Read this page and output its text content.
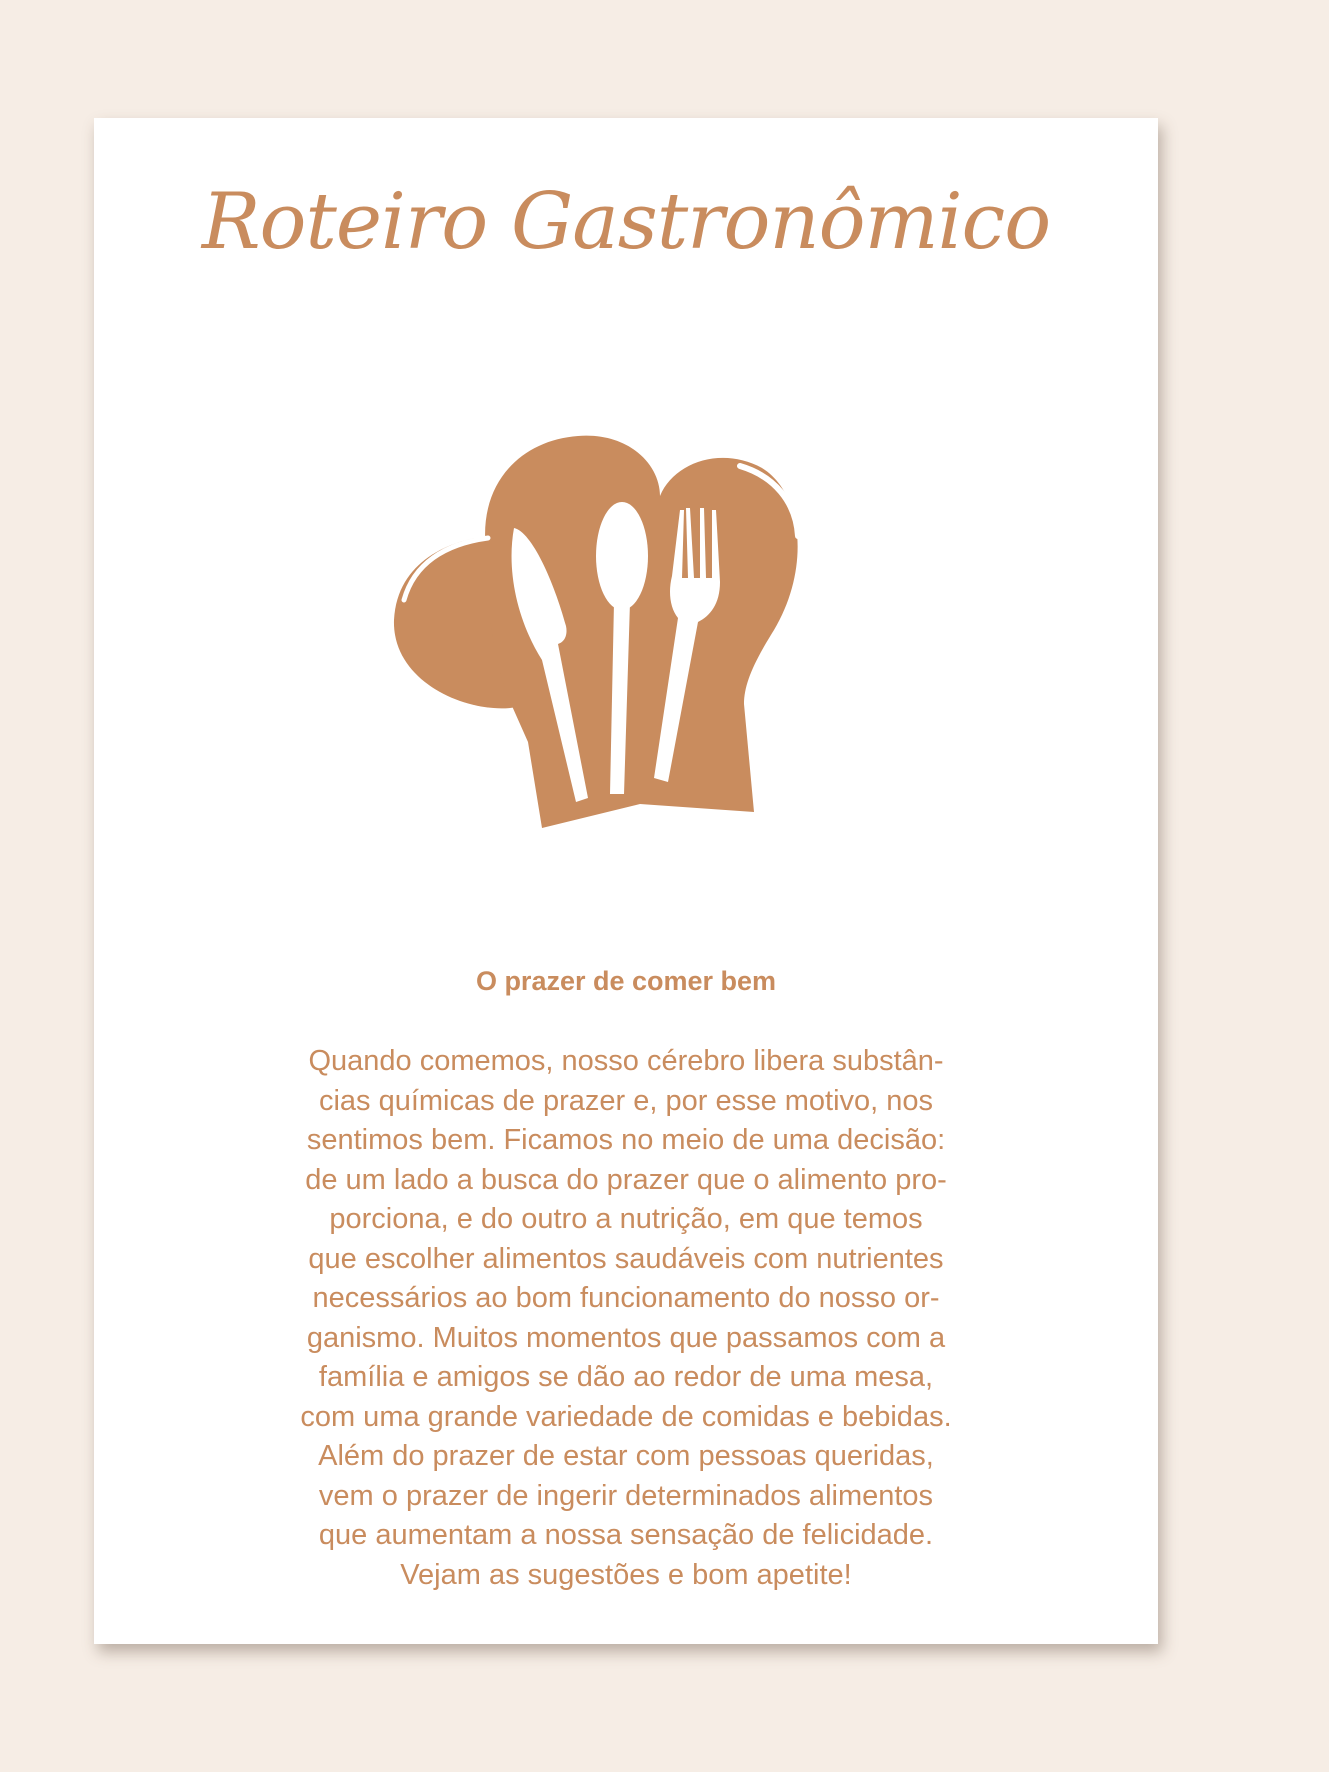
Roteiro Gastronômico
O prazer de comer bem

Quando comemos, nosso cérebro libera substân-
cias químicas de prazer e, por esse motivo, nos
sentimos bem. Ficamos no meio de uma decisão:
de um lado a busca do prazer que o alimento pro-
porciona, e do outro a nutrição, em que temos
que escolher alimentos saudáveis com nutrientes
necessários ao bom funcionamento do nosso or-
ganismo. Muitos momentos que passamos com a
família e amigos se dão ao redor de uma mesa,
com uma grande variedade de comidas e bebidas.
Além do prazer de estar com pessoas queridas,
vem o prazer de ingerir determinados alimentos
que aumentam a nossa sensação de felicidade.
Vejam as sugestões e bom apetite!
